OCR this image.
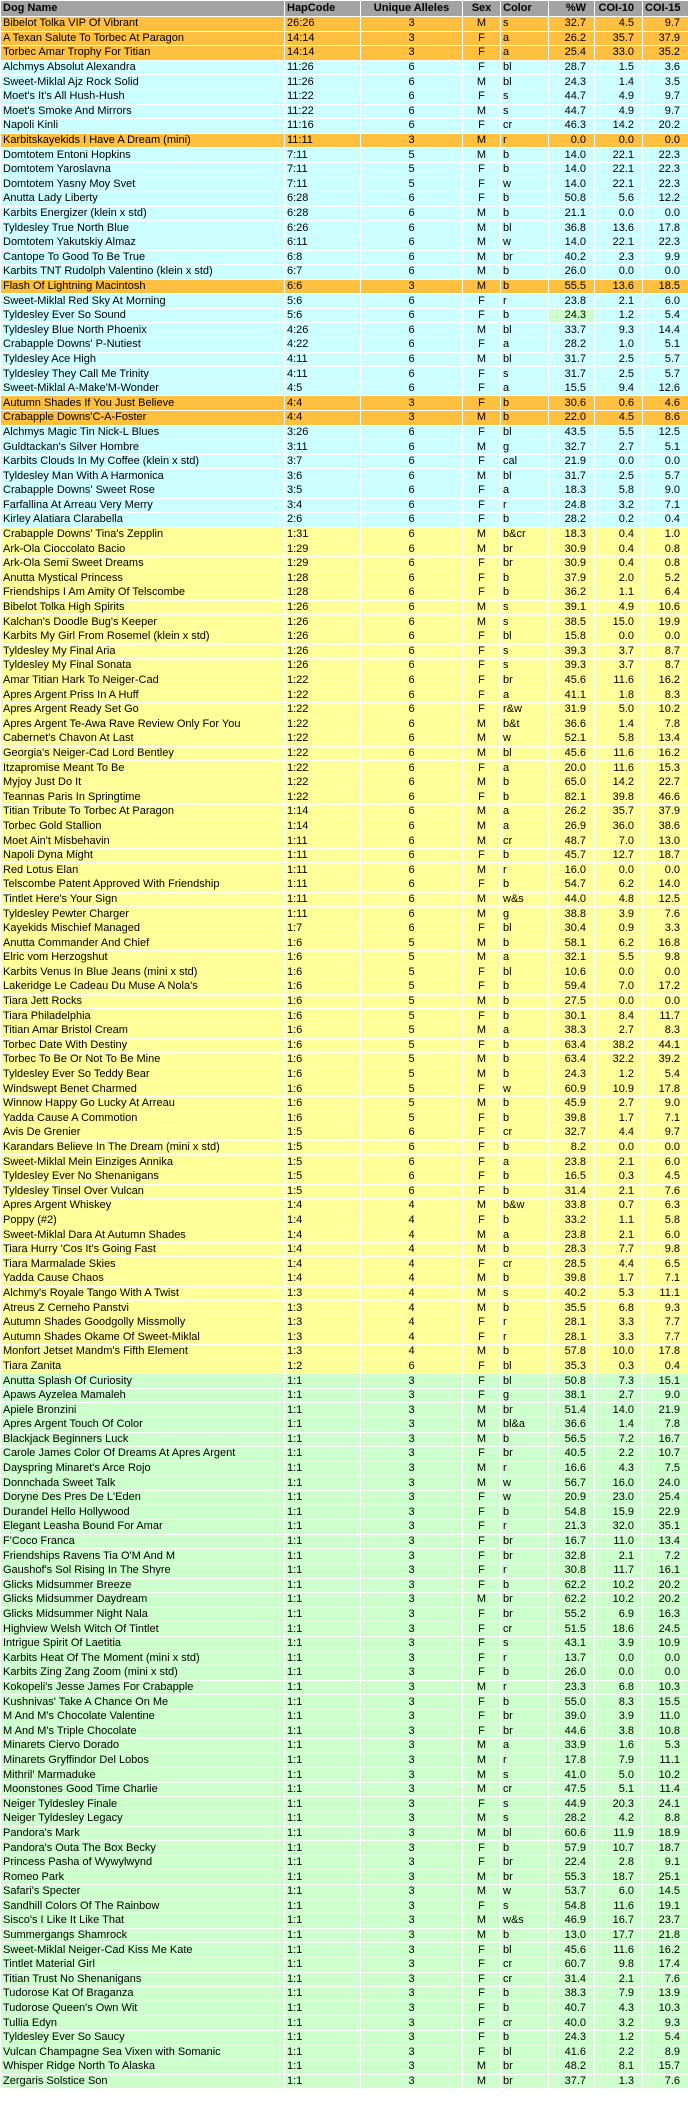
Dog Name	HapCode	Unique Alleles	Sex	Color	%W	COI-10	COI-15
Bibelot Tolka VIP Of Vibrant	26:26	3	M	s	32.7	4.5	9.7
A Texan Salute To Torbec At Paragon	14:14	3	F	a	26.2	35.7	37.9
Torbec Amar Trophy For Titian	14:14	3	F	a	25.4	33.0	35.2
Alchmys Absolut Alexandra	11:26	6	F	bl	28.7	1.5	3.6
Sweet-Miklal Ajz Rock Solid	11:26	6	M	bl	24.3	1.4	3.5
Moet's It's All Hush-Hush	11:22	6	F	s	44.7	4.9	9.7
Moet's Smoke And Mirrors	11:22	6	M	s	44.7	4.9	9.7
Napoli Kinli	11:16	6	F	cr	46.3	14.2	20.2
Karbitskayekids I Have A Dream (mini)	11:11	3	M	r	0.0	0.0	0.0
Domtotem Entoni Hopkins	7:11	5	M	b	14.0	22.1	22.3
Domtotem Yaroslavna	7:11	5	F	b	14.0	22.1	22.3
Domtotem Yasny Moy Svet	7:11	5	F	w	14.0	22.1	22.3
Anutta Lady Liberty	6:28	6	F	b	50.8	5.6	12.2
Karbits Energizer (klein x std)	6:28	6	M	b	21.1	0.0	0.0
Tyldesley True North Blue	6:26	6	M	bl	36.8	13.6	17.8
Domtotem Yakutskiy Almaz	6:11	6	M	w	14.0	22.1	22.3
Cantope To Good To Be True	6:8	6	M	br	40.2	2.3	9.9
Karbits TNT Rudolph Valentino (klein x std)	6:7	6	M	b	26.0	0.0	0.0
Flash Of Lightning Macintosh	6:6	3	M	b	55.5	13.6	18.5
Sweet-Miklal Red Sky At Morning	5:6	6	F	r	23.8	2.1	6.0
Tyldesley Ever So Sound	5:6	6	F	b	24.3	1.2	5.4
Tyldesley Blue North Phoenix	4:26	6	M	bl	33.7	9.3	14.4
Crabapple Downs' P-Nutiest	4:22	6	F	a	28.2	1.0	5.1
Tyldesley Ace High	4:11	6	M	bl	31.7	2.5	5.7
Tyldesley They Call Me Trinity	4:11	6	F	s	31.7	2.5	5.7
Sweet-Miklal A-Make'M-Wonder	4:5	6	F	a	15.5	9.4	12.6
Autumn Shades If You Just Believe	4:4	3	F	b	30.6	0.6	4.6
Crabapple Downs'C-A-Foster	4:4	3	M	b	22.0	4.5	8.6
Alchmys Magic Tin Nick-L Blues	3:26	6	F	bl	43.5	5.5	12.5
Guldtackan's Silver Hombre	3:11	6	M	g	32.7	2.7	5.1
Karbits Clouds In My Coffee (klein x std)	3:7	6	F	cal	21.9	0.0	0.0
Tyldesley Man With A Harmonica	3:6	6	M	bl	31.7	2.5	5.7
Crabapple Downs' Sweet Rose	3:5	6	F	a	18.3	5.8	9.0
Farfallina At Arreau Very Merry	3:4	6	F	r	24.8	3.2	7.1
Kirley Alatiara Clarabella	2:6	6	F	b	28.2	0.2	0.4
Crabapple Downs' Tina's Zepplin	1:31	6	M	b&cr	18.3	0.4	1.0
Ark-Ola Cioccolato Bacio	1:29	6	M	br	30.9	0.4	0.8
Ark-Ola Semi Sweet Dreams	1:29	6	F	br	30.9	0.4	0.8
Anutta Mystical Princess	1:28	6	F	b	37.9	2.0	5.2
Friendships I Am Amity Of Telscombe	1:28	6	F	b	36.2	1.1	6.4
Bibelot Tolka High Spirits	1:26	6	M	s	39.1	4.9	10.6
Kalchan's Doodle Bug's Keeper	1:26	6	M	s	38.5	15.0	19.9
Karbits My Girl From Rosemel (klein x std)	1:26	6	F	bl	15.8	0.0	0.0
Tyldesley My Final Aria	1:26	6	F	s	39.3	3.7	8.7
Tyldesley My Final Sonata	1:26	6	F	s	39.3	3.7	8.7
Amar Titian Hark To Neiger-Cad	1:22	6	F	br	45.6	11.6	16.2
Apres Argent Priss In A Huff	1:22	6	F	a	41.1	1.8	8.3
Apres Argent Ready Set Go	1:22	6	F	r&w	31.9	5.0	10.2
Apres Argent Te-Awa Rave Review Only For You	1:22	6	M	b&t	36.6	1.4	7.8
Cabernet's Chavon At Last	1:22	6	M	w	52.1	5.8	13.4
Georgia's Neiger-Cad Lord Bentley	1:22	6	M	bl	45.6	11.6	16.2
Itzapromise Meant To Be	1:22	6	F	a	20.0	11.6	15.3
Myjoy Just Do It	1:22	6	M	b	65.0	14.2	22.7
Teannas Paris In Springtime	1:22	6	F	b	82.1	39.8	46.6
Titian Tribute To Torbec At Paragon	1:14	6	M	a	26.2	35.7	37.9
Torbec Gold Stallion	1:14	6	M	a	26.9	36.0	38.6
Moet Ain't Misbehavin	1:11	6	M	cr	48.7	7.0	13.0
Napoli Dyna Might	1:11	6	F	b	45.7	12.7	18.7
Red Lotus Elan	1:11	6	M	r	16.0	0.0	0.0
Telscombe Patent Approved With Friendship	1:11	6	F	b	54.7	6.2	14.0
Tintlet Here's Your Sign	1:11	6	M	w&s	44.0	4.8	12.5
Tyldesley Pewter Charger	1:11	6	M	g	38.8	3.9	7.6
Kayekids Mischief Managed	1:7	6	F	bl	30.4	0.9	3.3
Anutta Commander And Chief	1:6	5	M	b	58.1	6.2	16.8
Elric vom Herzogshut	1:6	5	M	a	32.1	5.5	9.8
Karbits Venus In Blue Jeans (mini x std)	1:6	5	F	bl	10.6	0.0	0.0
Lakeridge Le Cadeau Du Muse A Nola's	1:6	5	F	b	59.4	7.0	17.2
Tiara Jett Rocks	1:6	5	M	b	27.5	0.0	0.0
Tiara Philadelphia	1:6	5	F	b	30.1	8.4	11.7
Titian Amar Bristol Cream	1:6	5	M	a	38.3	2.7	8.3
Torbec Date With Destiny	1:6	5	F	b	63.4	38.2	44.1
Torbec To Be Or Not To Be Mine	1:6	5	M	b	63.4	32.2	39.2
Tyldesley Ever So Teddy Bear	1:6	5	M	b	24.3	1.2	5.4
Windswept Benet Charmed	1:6	5	F	w	60.9	10.9	17.8
Winnow Happy Go Lucky At Arreau	1:6	5	M	b	45.9	2.7	9.0
Yadda Cause A Commotion	1:6	5	F	b	39.8	1.7	7.1
Avis De Grenier	1:5	6	F	cr	32.7	4.4	9.7
Karandars Believe In The Dream (mini x std)	1:5	6	F	b	8.2	0.0	0.0
Sweet-Miklal Mein Einziges Annika	1:5	6	F	a	23.8	2.1	6.0
Tyldesley Ever No Shenanigans	1:5	6	F	b	16.5	0.3	4.5
Tyldesley Tinsel Over Vulcan	1:5	6	F	b	31.4	2.1	7.6
Apres Argent Whiskey	1:4	4	M	b&w	33.8	0.7	6.3
Poppy (#2)	1:4	4	F	b	33.2	1.1	5.8
Sweet-Miklal Dara At Autumn Shades	1:4	4	M	a	23.8	2.1	6.0
Tiara Hurry 'Cos It's Going Fast	1:4	4	M	b	28.3	7.7	9.8
Tiara Marmalade Skies	1:4	4	F	cr	28.5	4.4	6.5
Yadda Cause Chaos	1:4	4	M	b	39.8	1.7	7.1
Alchmy's Royale Tango With A Twist	1:3	4	M	s	40.2	5.3	11.1
Atreus Z Cerneho Panstvi	1:3	4	M	b	35.5	6.8	9.3
Autumn Shades Goodgolly Missmolly	1:3	4	F	r	28.1	3.3	7.7
Autumn Shades Okame Of Sweet-Miklal	1:3	4	F	r	28.1	3.3	7.7
Monfort Jetset Mandm's Fifth Element	1:3	4	M	b	57.8	10.0	17.8
Tiara Zanita	1:2	6	F	bl	35.3	0.3	0.4
Anutta Splash Of Curiosity	1:1	3	F	bl	50.8	7.3	15.1
Apaws Ayzelea Mamaleh	1:1	3	F	g	38.1	2.7	9.0
Apiele Bronzini	1:1	3	M	br	51.4	14.0	21.9
Apres Argent Touch Of Color	1:1	3	M	bl&a	36.6	1.4	7.8
Blackjack Beginners Luck	1:1	3	M	b	56.5	7.2	16.7
Carole James Color Of Dreams At Apres Argent	1:1	3	F	br	40.5	2.2	10.7
Dayspring Minaret's Arce Rojo	1:1	3	M	r	16.6	4.3	7.5
Donnchada Sweet Talk	1:1	3	M	w	56.7	16.0	24.0
Doryne Des Pres De L'Eden	1:1	3	F	w	20.9	23.0	25.4
Durandel Hello Hollywood	1:1	3	F	b	54.8	15.9	22.9
Elegant Leasha Bound For Amar	1:1	3	F	r	21.3	32.0	35.1
F'Coco Franca	1:1	3	F	br	16.7	11.0	13.4
Friendships Ravens Tia O'M And M	1:1	3	F	br	32.8	2.1	7.2
Gaushof's Sol Rising In The Shyre	1:1	3	F	r	30.8	11.7	16.1
Glicks Midsummer Breeze	1:1	3	F	b	62.2	10.2	20.2
Glicks Midsummer Daydream	1:1	3	M	br	62.2	10.2	20.2
Glicks Midsummer Night Nala	1:1	3	F	br	55.2	6.9	16.3
Highview Welsh Witch Of Tintlet	1:1	3	F	cr	51.5	18.6	24.5
Intrigue Spirit Of Laetitia	1:1	3	F	s	43.1	3.9	10.9
Karbits Heat Of The Moment (mini x std)	1:1	3	F	r	13.7	0.0	0.0
Karbits Zing Zang Zoom (mini x std)	1:1	3	F	b	26.0	0.0	0.0
Kokopeli's Jesse James For Crabapple	1:1	3	M	r	23.3	6.8	10.3
Kushnivas' Take A Chance On Me	1:1	3	F	b	55.0	8.3	15.5
M And M's Chocolate Valentine	1:1	3	F	br	39.0	3.9	11.0
M And M's Triple Chocolate	1:1	3	F	br	44.6	3.8	10.8
Minarets Ciervo Dorado	1:1	3	M	a	33.9	1.6	5.3
Minarets Gryffindor Del Lobos	1:1	3	M	r	17.8	7.9	11.1
Mithril' Marmaduke	1:1	3	M	s	41.0	5.0	10.2
Moonstones Good Time Charlie	1:1	3	M	cr	47.5	5.1	11.4
Neiger Tyldesley Finale	1:1	3	F	s	44.9	20.3	24.1
Neiger Tyldesley Legacy	1:1	3	M	s	28.2	4.2	8.8
Pandora's Mark	1:1	3	M	bl	60.6	11.9	18.9
Pandora's Outa The Box Becky	1:1	3	F	b	57.9	10.7	18.7
Princess Pasha of Wywylwynd	1:1	3	F	br	22.4	2.8	9.1
Romeo Park	1:1	3	M	br	55.3	18.7	25.1
Safari's Specter	1:1	3	M	w	53.7	6.0	14.5
Sandhill Colors Of The Rainbow	1:1	3	F	s	54.8	11.6	19.1
Sisco's I Like It Like That	1:1	3	M	w&s	46.9	16.7	23.7
Summergangs Shamrock	1:1	3	M	b	13.0	17.7	21.8
Sweet-Miklal Neiger-Cad Kiss Me Kate	1:1	3	F	bl	45.6	11.6	16.2
Tintlet Material Girl	1:1	3	F	cr	60.7	9.8	17.4
Titian Trust No Shenanigans	1:1	3	F	cr	31.4	2.1	7.6
Tudorose Kat Of Braganza	1:1	3	F	b	38.3	7.9	13.9
Tudorose Queen's Own Wit	1:1	3	F	b	40.7	4.3	10.3
Tullia Edyn	1:1	3	F	cr	40.0	3.2	9.3
Tyldesley Ever So Saucy	1:1	3	F	b	24.3	1.2	5.4
Vulcan Champagne Sea Vixen with Somanic	1:1	3	F	bl	41.6	2.2	8.9
Whisper Ridge North To Alaska	1:1	3	M	br	48.2	8.1	15.7
Zergaris Solstice Son	1:1	3	M	br	37.7	1.3	7.6
